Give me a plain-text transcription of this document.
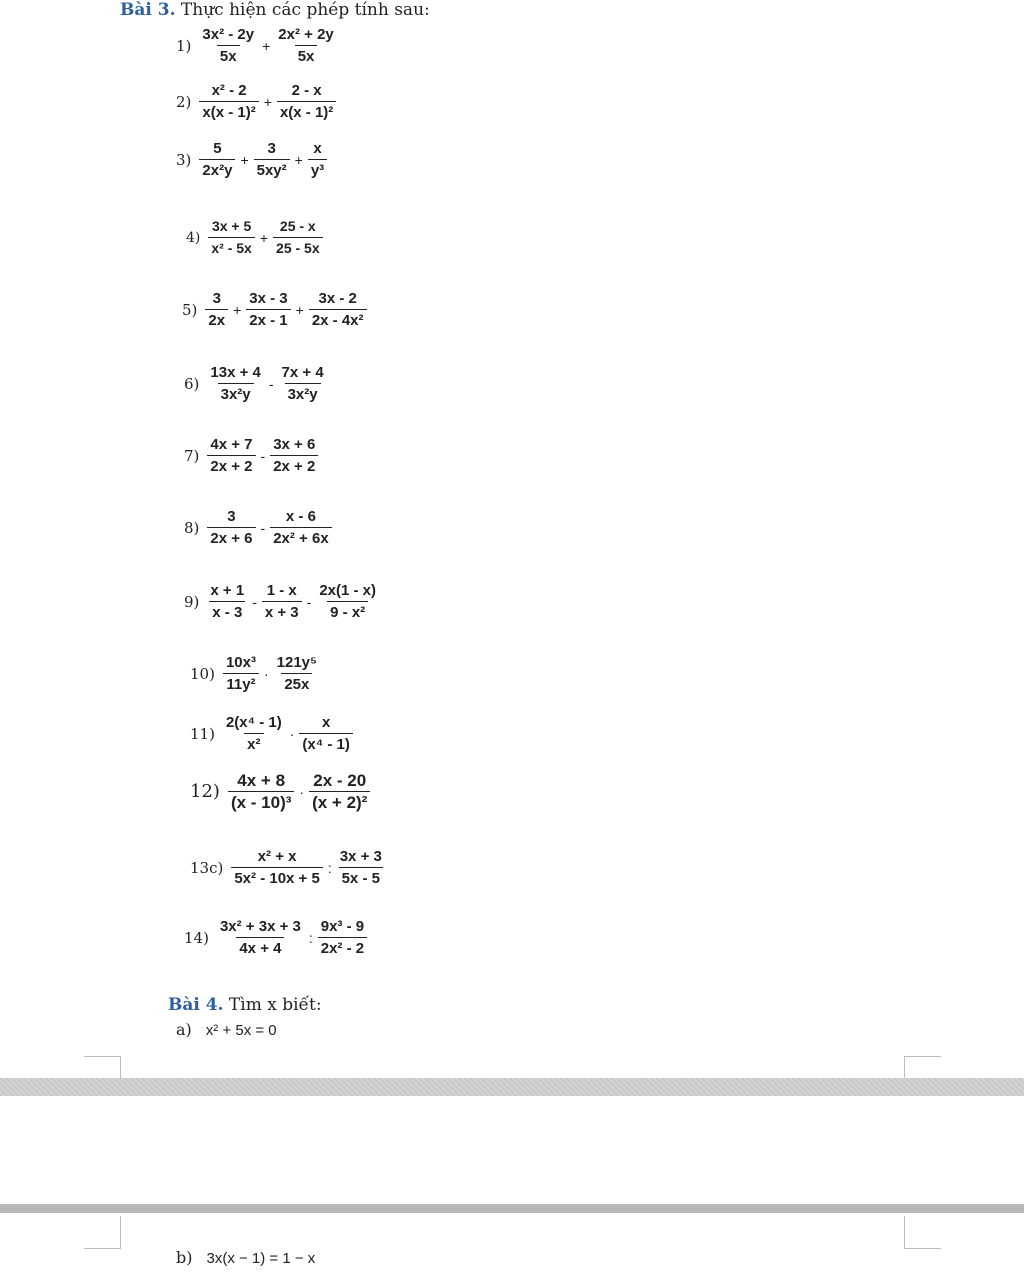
Bài 3. Thực hiện các phép tính sau:
$1) \frac{\text{3x² - 2y}}{5x} + \frac{\text{2x² + 2y}}{5x}$
$2) \frac{\text{x² - 2}}{\text{x(x - 1)²}} + \frac{2 - x}{\text{x(x - 1)²}}$
$3) \frac{5}{\text{2x²y}} + \frac{3}{\text{5xy²}} + \frac{x}{\text{y³}}$
$4) \frac{3x + 5}{\text{x² - 5x}} + \frac{25 - x}{25 - 5x}$
$5) \frac{3}{2x} + \frac{3x - 3}{2x - 1} + \frac{3x - 2}{\text{2x - 4x²}}$
$6) \frac{13x + 4}{\text{3x²y}} - \frac{7x + 4}{\text{3x²y}}$
$7) \frac{4x + 7}{2x + 2} - \frac{3x + 6}{2x + 2}$
$8) \frac{3}{2x + 6} - \frac{x - 6}{\text{2x² + 6x}}$
$9) \frac{x + 1}{x - 3} - \frac{1 - x}{x + 3} - \frac{2x(1 - x)}{\text{9 - x²}}$
$10) \frac{\text{10x³}}{\text{11y²}} \cdot \frac{\text{121y⁵}}{25x}$
$11) \frac{\text{2(x⁴ - 1)}}{\text{x²}} \cdot \frac{x}{\text{(x⁴ - 1)}}$
$12) \frac{4x + 8}{\text{(x - 10)³}} \cdot \frac{2x - 20}{\text{(x + 2)²}}$
$13c) \frac{\text{x² + x}}{\text{5x² - 10x + 5}}$ : $\frac{3x + 3}{5x - 5}$
$14) \frac{\text{3x² + 3x + 3}}{4x + 4}$ : $\frac{\text{9x³ - 9}}{\text{2x² - 2}}$
Bài 4. Tìm x biết:
a) x² + 5x = 0
b) 3x(x − 1) = 1 − x
